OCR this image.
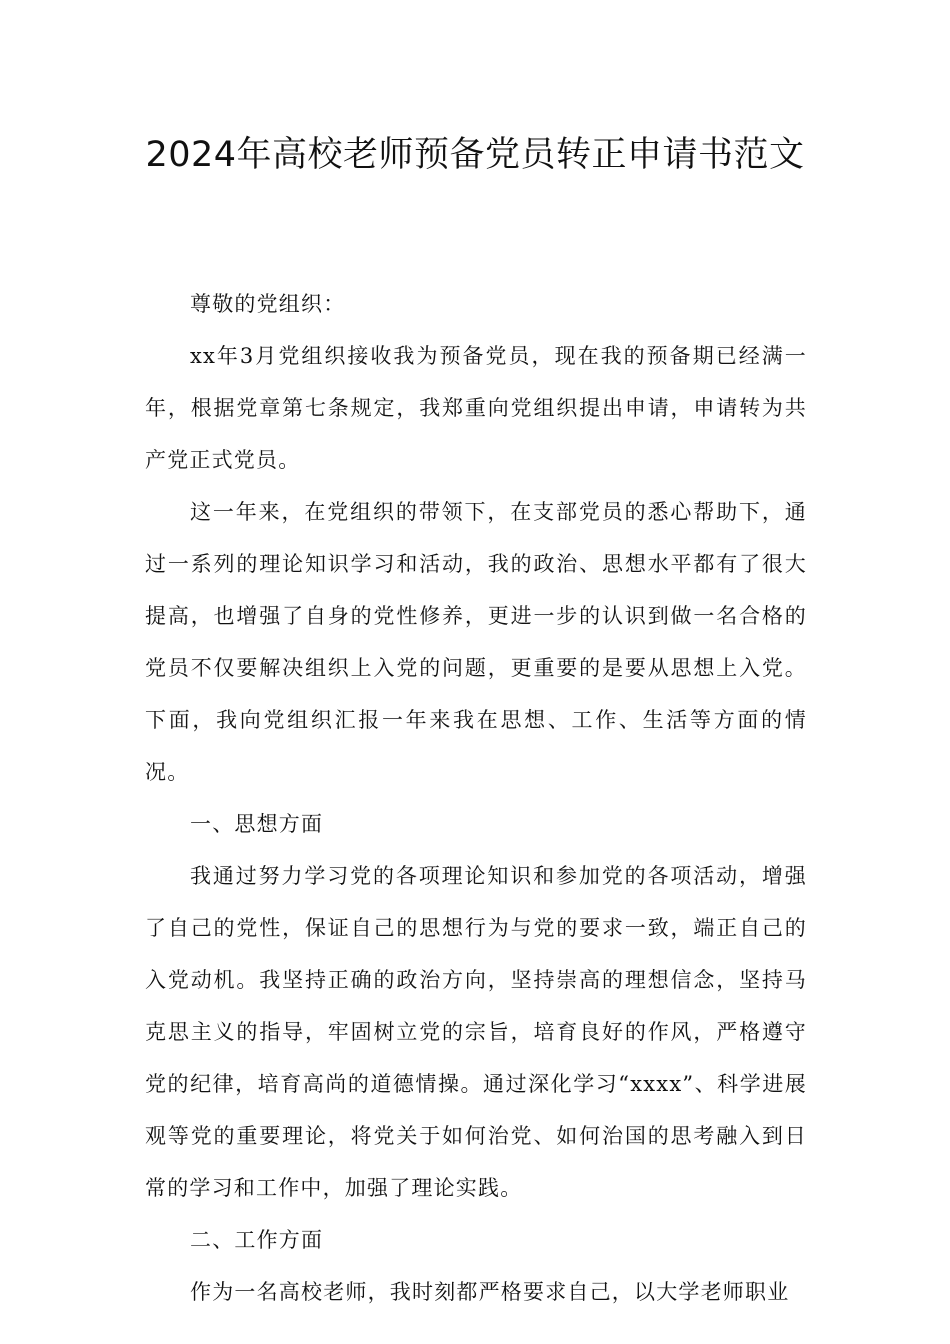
2024年高校老师预备党员转正申请书范文

尊敬的党组织：

xx年3月党组织接收我为预备党员，现在我的预备期已经满一年，根据党章第七条规定，我郑重向党组织提出申请，申请转为共产党正式党员。

这一年来，在党组织的带领下，在支部党员的悉心帮助下，通过一系列的理论知识学习和活动，我的政治、思想水平都有了很大提高，也增强了自身的党性修养，更进一步的认识到做一名合格的党员不仅要解决组织上入党的问题，更重要的是要从思想上入党。下面，我向党组织汇报一年来我在思想、工作、生活等方面的情况。

一、思想方面

我通过努力学习党的各项理论知识和参加党的各项活动，增强了自己的党性，保证自己的思想行为与党的要求一致，端正自己的入党动机。我坚持正确的政治方向，坚持崇高的理想信念，坚持马克思主义的指导，牢固树立党的宗旨，培育良好的作风，严格遵守党的纪律，培育高尚的道德情操。通过深化学习“xxxx”、科学进展观等党的重要理论，将党关于如何治党、如何治国的思考融入到日常的学习和工作中，加强了理论实践。

二、工作方面

作为一名高校老师，我时刻都严格要求自己，以大学老师职业
